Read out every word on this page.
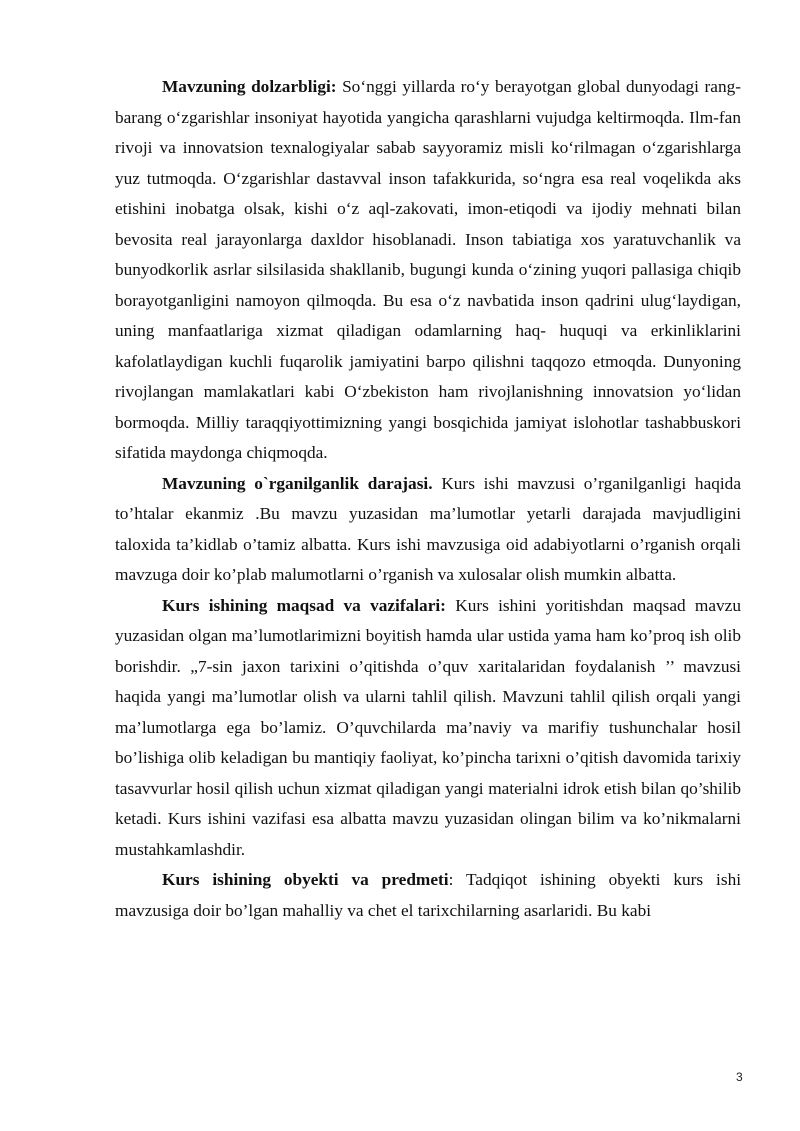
Mavzuning dolzarbligi: So‘nggi yillarda ro‘y berayotgan global dunyodagi rang-barang o‘zgarishlar insoniyat hayotida yangicha qarashlarni vujudga keltirmoqda. Ilm-fan rivoji va innovatsion texnalogiyalar sabab sayyoramiz misli ko‘rilmagan o‘zgarishlarga yuz tutmoqda. O‘zgarishlar dastavval inson tafakkurida, so‘ngra esa real voqelikda aks etishini inobatga olsak, kishi o‘z aql-zakovati, imon-etiqodi va ijodiy mehnati bilan bevosita real jarayonlarga daxldor hisoblanadi. Inson tabiatiga xos yaratuvchanlik va bunyodkorlik asrlar silsilasida shakllanib, bugungi kunda o‘zining yuqori pallasiga chiqib borayotganligini namoyon qilmoqda. Bu esa o‘z navbatida inson qadrini ulug‘laydigan, uning manfaatlariga xizmat qiladigan odamlarning haq- huquqi va erkinliklarini kafolatlaydigan kuchli fuqarolik jamiyatini barpo qilishni taqqozo etmoqda. Dunyoning rivojlangan mamlakatlari kabi O‘zbekiston ham rivojlanishning innovatsion yo‘lidan bormoqda. Milliy taraqqiyottimizning yangi bosqichida jamiyat islohotlar tashabbuskori sifatida maydonga chiqmoqda.

Mavzuning o`rganilganlik darajasi. Kurs ishi mavzusi o’rganilganligi haqida to’htalar ekanmiz .Bu mavzu yuzasidan ma’lumotlar yetarli darajada mavjudligini taloxida ta’kidlab o’tamiz albatta. Kurs ishi mavzusiga oid adabiyotlarni o’rganish orqali mavzuga doir ko’plab malumotlarni o’rganish va xulosalar olish mumkin albatta.

Kurs ishining maqsad va vazifalari: Kurs ishini yoritishdan maqsad mavzu yuzasidan olgan ma’lumotlarimizni boyitish hamda ular ustida yama ham ko’proq ish olib borishdir. „7-sin jaxon tarixini o’qitishda o’quv xaritalaridan foydalanish ’’ mavzusi haqida yangi ma’lumotlar olish va ularni tahlil qilish. Mavzuni tahlil qilish orqali yangi ma’lumotlarga ega bo’lamiz. O’quvchilarda ma’naviy va marifiy tushunchalar hosil bo’lishiga olib keladigan bu mantiqiy faoliyat, ko’pincha tarixni o’qitish davomida tarixiy tasavvurlar hosil qilish uchun xizmat qiladigan yangi materialni idrok etish bilan qo’shilib ketadi. Kurs ishini vazifasi esa albatta mavzu yuzasidan olingan bilim va ko’nikmalarni mustahkamlashdir.

Kurs ishining obyekti va predmeti: Tadqiqot ishining obyekti kurs ishi mavzusiga doir bo’lgan mahalliy va chet el tarixchilarning asarlaridi. Bu kabi

3
